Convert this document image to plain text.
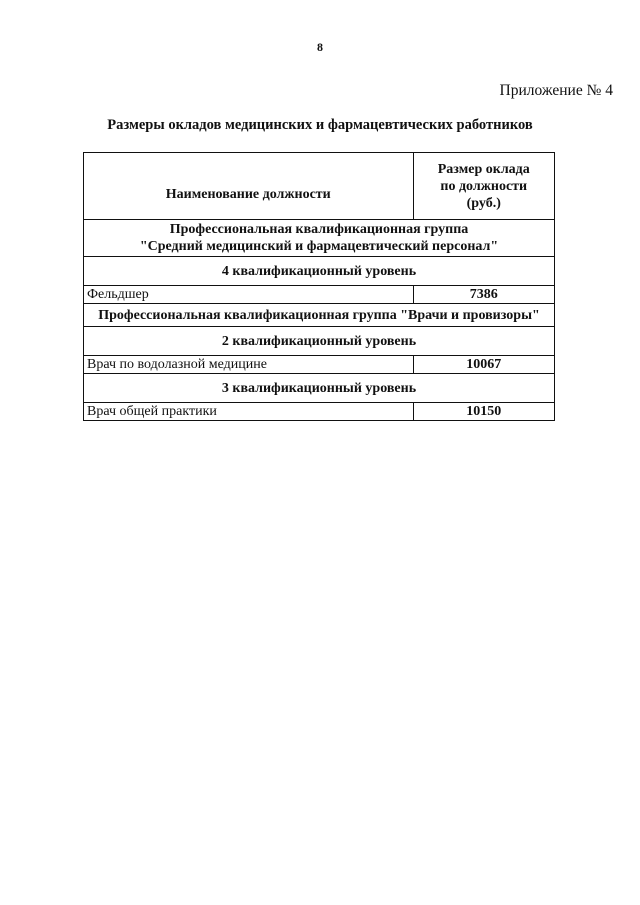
8
Приложение № 4
Размеры окладов медицинских и фармацевтических работников
Наименование должности	Размер оклада
по должности
(руб.)

Профессиональная квалификационная группа
"Средний медицинский и фармацевтический персонал"	

4 квалификационный уровень	
Фельдшер	7386
Профессиональная квалификационная группа "Врачи и провизоры"	
2 квалификационный уровень	
Врач по водолазной медицине	10067
3 квалификационный уровень	
Врач общей практики	10150
